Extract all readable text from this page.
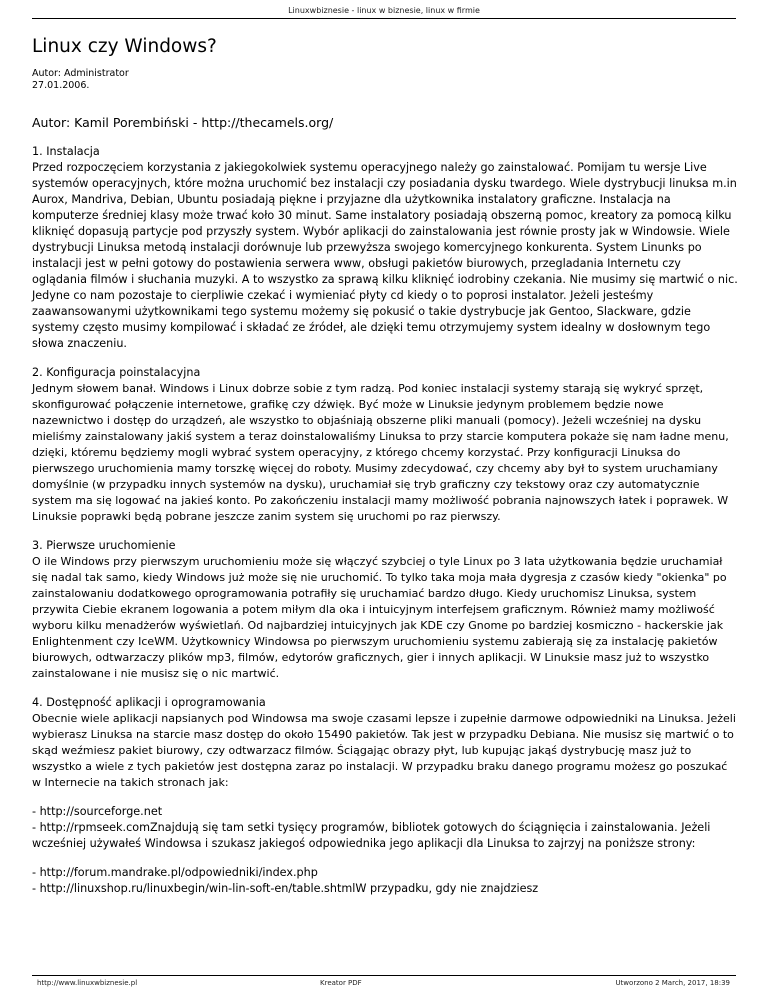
Linuxwbiznesie - linux w biznesie, linux w firmie
Linux czy Windows?

Autor: Administrator

27.01.2006.

Autor: Kamil Porembiński - http://thecamels.org/

1. Instalacja

Przed rozpoczęciem korzystania z jakiegokolwiek systemu operacyjnego należy go zainstalować. Pomijam tu wersje Live systemów operacyjnych, które można uruchomić bez instalacji czy posiadania dysku twardego. Wiele dystrybucji linuksa m.in Aurox, Mandriva, Debian, Ubuntu posiadają piękne i przyjazne dla użytkownika instalatory graficzne. Instalacja na komputerze średniej klasy może trwać koło 30 minut. Same instalatory posiadają obszerną pomoc, kreatory za pomocą kilku kliknięć dopasują partycje pod przyszły system. Wybór aplikacji do zainstalowania jest równie prosty jak w Windowsie. Wiele dystrybucji Linuksa metodą instalacji dorównuje lub przewyższa swojego komercyjnego konkurenta. System Linunks po instalacji jest w pełni gotowy do postawienia serwera www, obsługi pakietów biurowych, przegladania Internetu czy oglądania filmów i słuchania muzyki. A to wszystko za sprawą kilku kliknięć iodrobiny czekania. Nie musimy się martwić o nic. Jedyne co nam pozostaje to cierpliwie czekać i wymieniać płyty cd kiedy o to poprosi instalator. Jeżeli jesteśmy zaawansowanymi użytkownikami tego systemu możemy się pokusić o takie dystrybucje jak Gentoo, Slackware, gdzie systemy często musimy kompilować i składać ze źródeł, ale dzięki temu otrzymujemy system idealny w dosłownym tego słowa znaczeniu.

2. Konfiguracja poinstalacyjna

Jednym słowem banał. Windows i Linux dobrze sobie z tym radzą. Pod koniec instalacji systemy starają się wykryć sprzęt, skonfigurować połączenie internetowe, grafikę czy dźwięk. Być może w Linuksie jedynym problemem będzie nowe nazewnictwo i dostęp do urządzeń, ale wszystko to objaśniają obszerne pliki manuali (pomocy). Jeżeli wcześniej na dysku mieliśmy zainstalowany jakiś system a teraz doinstalowaliśmy Linuksa to przy starcie komputera pokaże się nam ładne menu, dzięki, któremu będziemy mogli wybrać system operacyjny, z którego chcemy korzystać. Przy konfiguracji Linuksa do pierwszego uruchomienia mamy torszkę więcej do roboty. Musimy zdecydować, czy chcemy aby był to system uruchamiany domyślnie (w przypadku innych systemów na dysku), uruchamiał się tryb graficzny czy tekstowy oraz czy automatycznie system ma się logować na jakieś konto. Po zakończeniu instalacji mamy możliwość pobrania najnowszych łatek i poprawek. W Linuksie poprawki będą pobrane jeszcze zanim system się uruchomi po raz pierwszy.

3. Pierwsze uruchomienie

O ile Windows przy pierwszym uruchomieniu może się włączyć szybciej o tyle Linux po 3 lata użytkowania będzie uruchamiał się nadal tak samo, kiedy Windows już może się nie uruchomić. To tylko taka moja mała dygresja z czasów kiedy "okienka" po zainstalowaniu dodatkowego oprogramowania potrafiły się uruchamiać bardzo długo. Kiedy uruchomisz Linuksa, system przywita Ciebie ekranem logowania a potem miłym dla oka i intuicyjnym interfejsem graficznym. Również mamy możliwość wyboru kilku menadżerów wyświetlań. Od najbardziej intuicyjnych jak KDE czy Gnome po bardziej kosmiczno - hackerskie jak Enlightenment czy IceWM. Użytkownicy Windowsa po pierwszym uruchomieniu systemu zabierają się za instalację pakietów biurowych, odtwarzaczy plików mp3, filmów, edytorów graficznych, gier i innych aplikacji. W Linuksie masz już to wszystko zainstalowane i nie musisz się o nic martwić.

4. Dostępność aplikacji i oprogramowania

Obecnie wiele aplikacji napsianych pod Windowsa ma swoje czasami lepsze i zupełnie darmowe odpowiedniki na Linuksa. Jeżeli wybierasz Linuksa na starcie masz dostęp do około 15490 pakietów. Tak jest w przypadku Debiana. Nie musisz się martwić o to skąd weźmiesz pakiet biurowy, czy odtwarzacz filmów. Ściągając obrazy płyt, lub kupując jakąś dystrybucję masz już to wszystko a wiele z tych pakietów jest dostępna zaraz po instalacji. W przypadku braku danego programu możesz go poszukać w Internecie na takich stronach jak:

- http://sourceforge.net

- http://rpmseek.comZnajdują się tam setki tysięcy programów, bibliotek gotowych do ściągnięcia i zainstalowania. Jeżeli wcześniej używałeś Windowsa i szukasz jakiegoś odpowiednika jego aplikacji dla Linuksa to zajrzyj na poniższe strony:

- http://forum.mandrake.pl/odpowiedniki/index.php

- http://linuxshop.ru/linuxbegin/win-lin-soft-en/table.shtmlW przypadku, gdy nie znajdziesz

http://www.linuxwbiznesie.pl	Kreator PDF	Utworzono 2 March, 2017, 18:39
